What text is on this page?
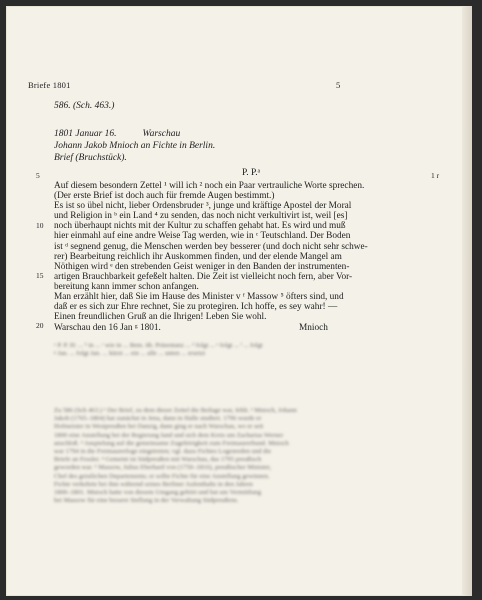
Briefe 1801	5
586. (Sch. 463.)
1801 Januar 16.	Warschau
Johann Jakob Mnioch an Fichte in Berlin.
Brief (Bruchstück).
5
10
15
20
1 r
P. P.ᵃ
Auf diesem besondern Zettel ¹ will ich ² noch ein Paar vertrauliche Worte sprechen.
(Der erste Brief ist doch auch für fremde Augen bestimmt.)
Es ist so übel nicht, lieber Ordensbruder ³, junge und kräftige Apostel der Moral
und Religion in ᵇ ein Land ⁴ zu senden, das noch nicht verkultivirt ist, weil [es]
noch überhaupt nichts mit der Kultur zu schaffen gehabt hat. Es wird und muß
hier einmahl auf eine andre Weise Tag werden, wie in ᶜ Teutschland. Der Boden
ist ᵈ segnend genug, die Menschen werden bey besserer (und doch nicht sehr schwe-
rer) Bearbeitung reichlich ihr Auskommen finden, und der elende Mangel am
Nöthigen wird ᵉ den strebenden Geist weniger in den Banden der instrumenten-
artigen Brauchbarkeit gefeßelt halten. Die Zeit ist vielleicht noch fern, aber Vor-
bereitung kann immer schon anfangen.
Man erzählt hier, daß Sie im Hause des Minister v ᶠ Massow ⁵ öfters sind, und
daß er es sich zur Ehre rechnet, Sie zu protegiren. Ich hoffe, es sey wahr! —
Einen freundlichen Gruß an die Ihrigen! Leben Sie wohl.
Warschau den 16 Jan ᵍ 1801.	Mnioch
ᵃ P. P. H: ... ᵇ in ... ᶜ wie in ... Bem. üb. Präsentanz ... ᵈ folgt ... ᵉ folgt ... ᶠ ... folgt
ᵍ Jan. ... folgt Jan. ... kürzt ... ein ... alle ... unten ... ersetzt
Zu 586 (Sch 463.) ¹ Der Brief, zu dem dieser Zettel die Beilage war, fehlt. ² Mnioch, Johann
Jakob (1765–1804) hat zunächst in Jena, dann in Halle studiert. 1796 wurde er
Hofmeister in Westpreußen bei Danzig, dann ging er nach Warschau, wo er seit
1800 eine Anstellung bei der Regierung fand und sich dem Kreis um Zacharias Werner
anschloß. ³ Anspielung auf die gemeinsame Zugehörigkeit zum Freimaurerbund. Mnioch
war 1794 in die Freimaurerloge eingetreten; vgl. dazu Fichtes Logenreden und die
Briefe an Fessler. ⁴ Gemeint ist Südpreußen mit Warschau, das 1795 preußisch
geworden war. ⁵ Massow, Julius Eberhard von (1750–1816), preußischer Minister,
Chef des geistlichen Departements; er sollte Fichte für eine Anstellung gewinnen.
Fichte verkehrte bei ihm während seines Berliner Aufenthalts in den Jahren
1800–1801. Mnioch hatte von diesem Umgang gehört und bat um Vermittlung
bei Massow für eine bessere Stellung in der Verwaltung Südpreußens.
